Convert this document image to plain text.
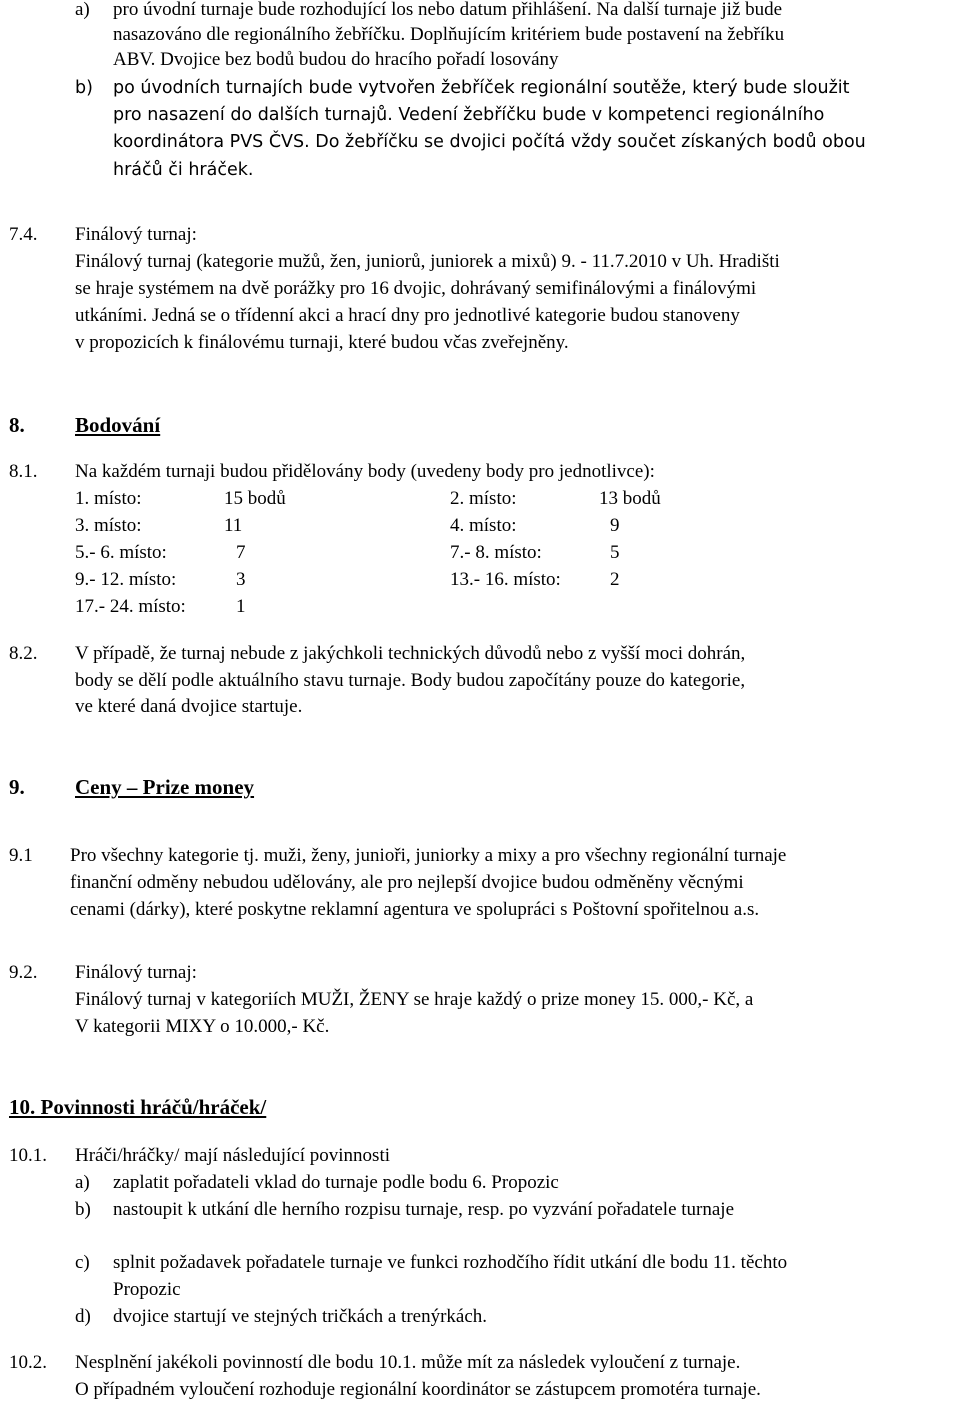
a) pro úvodní turnaje bude rozhodující los nebo datum přihlášení. Na další turnaje již bude
nasazováno dle regionálního žebříčku. Doplňujícím kritériem bude postavení na žebříku
ABV. Dvojice bez bodů budou do hracího pořadí losovány
b) po úvodních turnajích bude vytvořen žebříček regionální soutěže, který bude sloužit
pro nasazení do dalších turnajů. Vedení žebříčku bude v kompetenci regionálního
koordinátora PVS ČVS. Do žebříčku se dvojici počítá vždy součet získaných bodů obou
hráčů či hráček.
7.4. Finálový turnaj:
Finálový turnaj (kategorie mužů, žen, juniorů, juniorek a mixů) 9. - 11.7.2010 v Uh. Hradišti
se hraje systémem na dvě porážky pro 16 dvojic, dohrávaný semifinálovými a finálovými
utkáními. Jedná se o třídenní akci a hrací dny pro jednotlivé kategorie budou stanoveny
v propozicích k finálovému turnaji, které budou včas zveřejněny.
8. Bodování
8.1. Na každém turnaji budou přidělovány body (uvedeny body pro jednotlivce):
1. místo:	15 bodů	2. místo:	13 bodů
3. místo:	11	4. místo:	9
5.- 6. místo:	7	7.- 8. místo:	5
9.- 12. místo:	3	13.- 16. místo:	2
17.- 24. místo:	1
8.2. V případě, že turnaj nebude z jakýchkoli technických důvodů nebo z vyšší moci dohrán,
body se dělí podle aktuálního stavu turnaje. Body budou započítány pouze do kategorie,
ve které daná dvojice startuje.
9. Ceny – Prize money
9.1 Pro všechny kategorie tj. muži, ženy, junioři, juniorky a mixy a pro všechny regionální turnaje
finanční odměny nebudou udělovány, ale pro nejlepší dvojice budou odměněny věcnými
cenami (dárky), které poskytne reklamní agentura ve spolupráci s Poštovní spořitelnou a.s.
9.2. Finálový turnaj:
Finálový turnaj v kategoriích MUŽI, ŽENY se hraje každý o prize money 15. 000,- Kč, a
V kategorii MIXY o 10.000,- Kč.
10. Povinnosti hráčů/hráček/
10.1. Hráči/hráčky/ mají následující povinnosti
a) zaplatit pořadateli vklad do turnaje podle bodu 6. Propozic
b) nastoupit k utkání dle herního rozpisu turnaje, resp. po vyzvání pořadatele turnaje
c) splnit požadavek pořadatele turnaje ve funkci rozhodčího řídit utkání dle bodu 11. těchto
Propozic
d) dvojice startují ve stejných tričkách a trenýrkách.
10.2. Nesplnění jakékoli povinností dle bodu 10.1. může mít za následek vyloučení z turnaje.
O případném vyloučení rozhoduje regionální koordinátor se zástupcem promotéra turnaje.
